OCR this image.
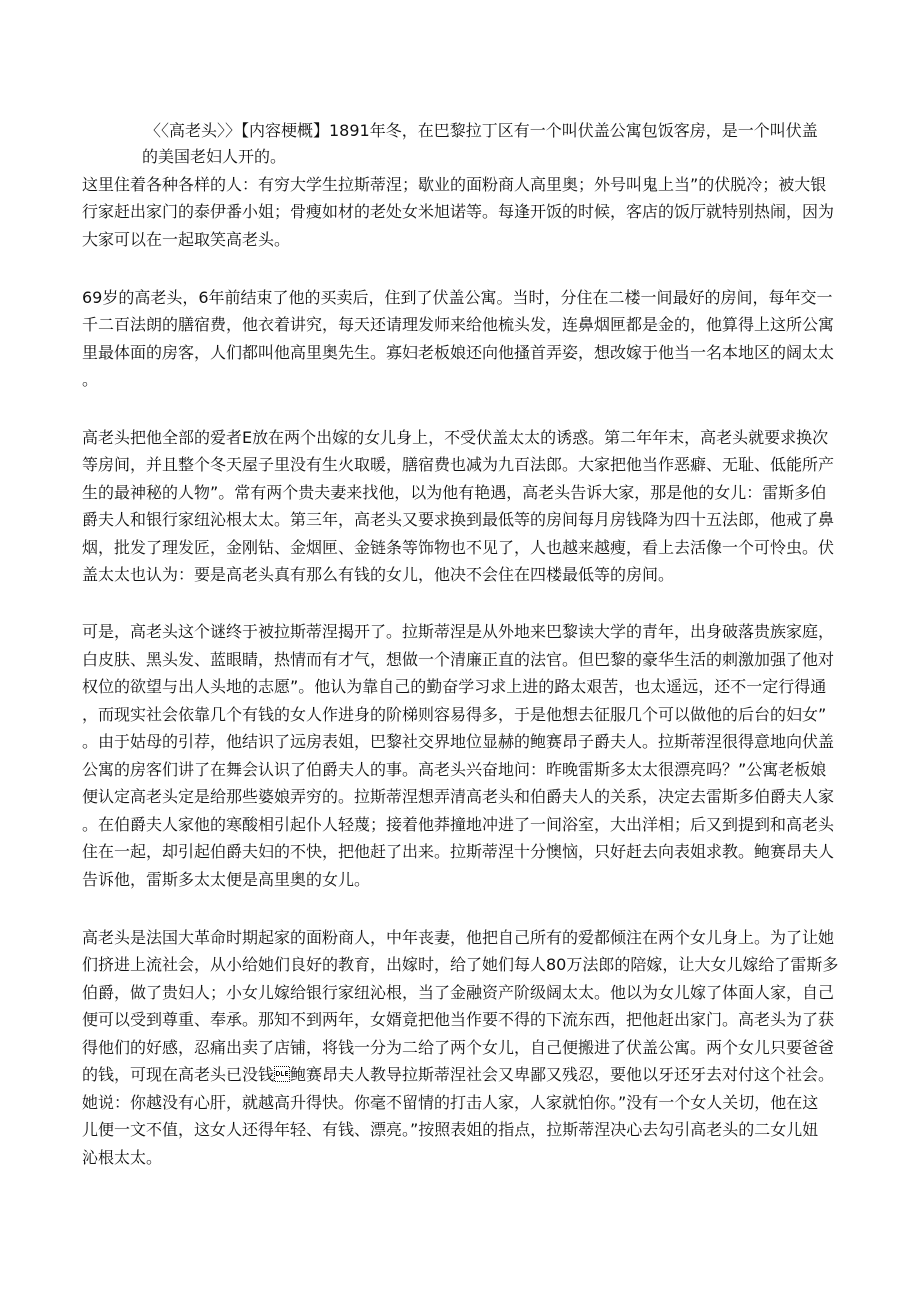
〈〈高老头〉〉【内容梗概】1891年冬，在巴黎拉丁区有一个叫伏盖公寓包饭客房，是一个叫伏盖
的美国老妇人开的。
这里住着各种各样的人：有穷大学生拉斯蒂涅；歇业的面粉商人高里奥；外号叫鬼上当”的伏脱冷；被大银
行家赶出家门的泰伊番小姐；骨瘦如材的老处女米旭诺等。每逢开饭的时候，客店的饭厅就特别热闹，因为
大家可以在一起取笑高老头。
69岁的高老头，6年前结束了他的买卖后，住到了伏盖公寓。当时，分住在二楼一间最好的房间，每年交一
千二百法朗的膳宿费，他衣着讲究，每天还请理发师来给他梳头发，连鼻烟匣都是金的，他算得上这所公寓
里最体面的房客，人们都叫他高里奥先生。寡妇老板娘还向他搔首弄姿，想改嫁于他当一名本地区的阔太太
。
高老头把他全部的爱者E放在两个出嫁的女儿身上，不受伏盖太太的诱惑。第二年年末，高老头就要求换次
等房间，并且整个冬天屋子里没有生火取暖，膳宿费也减为九百法郎。大家把他当作恶癖、无耻、低能所产
生的最神秘的人物”。常有两个贵夫妻来找他，以为他有艳遇，高老头告诉大家，那是他的女儿：雷斯多伯
爵夫人和银行家纽沁根太太。第三年，高老头又要求换到最低等的房间每月房钱降为四十五法郎，他戒了鼻
烟，批发了理发匠，金刚钻、金烟匣、金链条等饰物也不见了，人也越来越瘦，看上去活像一个可怜虫。伏
盖太太也认为：要是高老头真有那么有钱的女儿，他决不会住在四楼最低等的房间。
可是，高老头这个谜终于被拉斯蒂涅揭开了。拉斯蒂涅是从外地来巴黎读大学的青年，出身破落贵族家庭，
白皮肤、黑头发、蓝眼睛，热情而有才气，想做一个清廉正直的法官。但巴黎的豪华生活的刺激加强了他对
权位的欲望与出人头地的志愿”。他认为靠自己的勤奋学习求上进的路太艰苦，也太遥远，还不一定行得通
，而现实社会依靠几个有钱的女人作进身的阶梯则容易得多，于是他想去征服几个可以做他的后台的妇女”
。由于姑母的引荐，他结识了远房表姐，巴黎社交界地位显赫的鲍赛昂子爵夫人。拉斯蒂涅很得意地向伏盖
公寓的房客们讲了在舞会认识了伯爵夫人的事。高老头兴奋地问：昨晚雷斯多太太很漂亮吗？”公寓老板娘
便认定高老头定是给那些婆娘弄穷的。拉斯蒂涅想弄清高老头和伯爵夫人的关系，决定去雷斯多伯爵夫人家
。在伯爵夫人家他的寒酸相引起仆人轻蔑；接着他莽撞地冲进了一间浴室，大出洋相；后又到提到和高老头
住在一起，却引起伯爵夫妇的不快，把他赶了出来。拉斯蒂涅十分懊恼，只好赶去向表姐求教。鲍赛昂夫人
告诉他，雷斯多太太便是高里奥的女儿。
高老头是法国大革命时期起家的面粉商人，中年丧妻，他把自己所有的爱都倾注在两个女儿身上。为了让她
们挤进上流社会，从小给她们良好的教育，出嫁时，给了她们每人80万法郎的陪嫁，让大女儿嫁给了雷斯多
伯爵，做了贵妇人；小女儿嫁给银行家纽沁根，当了金融资产阶级阔太太。他以为女儿嫁了体面人家，自己
便可以受到尊重、奉承。那知不到两年，女婿竟把他当作要不得的下流东西，把他赶出家门。高老头为了获
得他们的好感，忍痛出卖了店铺，将钱一分为二给了两个女儿，自己便搬进了伏盖公寓。两个女儿只要爸爸
的钱，可现在高老头已没钱鲍赛昂夫人教导拉斯蒂涅社会又卑鄙又残忍，要他以牙还牙去对付这个社会。
她说：你越没有心肝，就越高升得快。你毫不留情的打击人家，人家就怕你。”没有一个女人关切，他在这
儿便一文不值，这女人还得年轻、有钱、漂亮。”按照表姐的指点，拉斯蒂涅决心去勾引高老头的二女儿妞
沁根太太。
